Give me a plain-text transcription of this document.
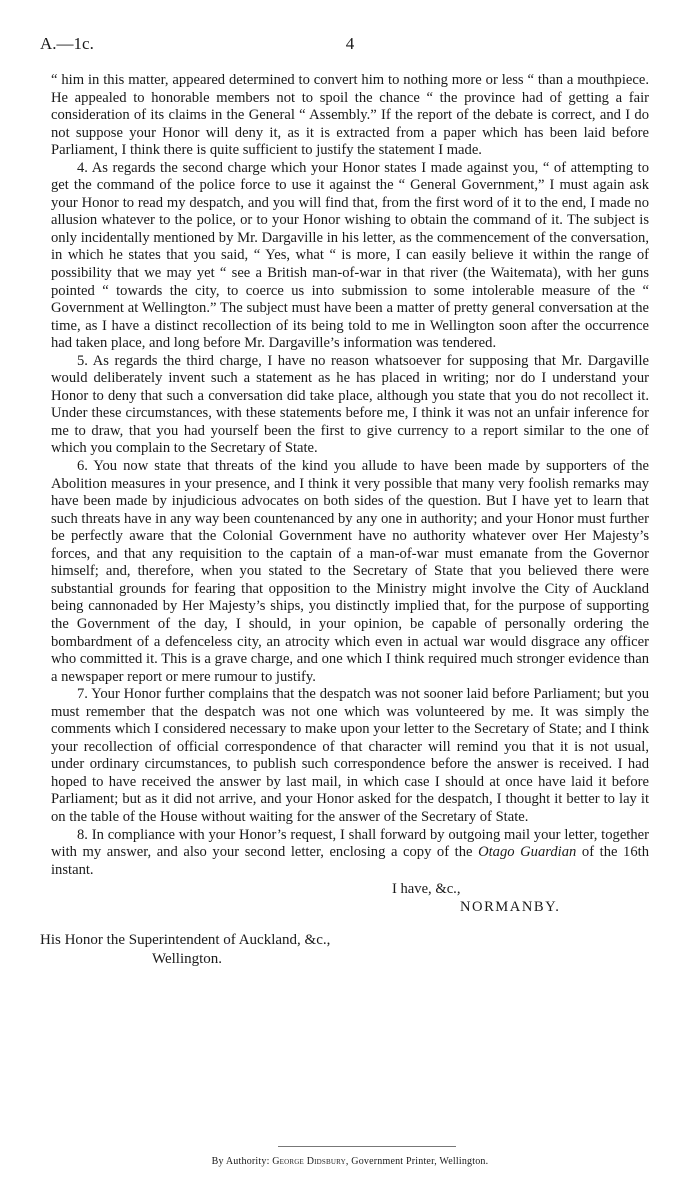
A.—1c.	4

“ him in this matter, appeared determined to convert him to nothing more or less “ than a mouthpiece. He appealed to honorable members not to spoil the chance “ the province had of getting a fair consideration of its claims in the General “ Assembly.” If the report of the debate is correct, and I do not suppose your Honor will deny it, as it is extracted from a paper which has been laid before Parliament, I think there is quite sufficient to justify the statement I made.

4. As regards the second charge which your Honor states I made against you, “ of attempting to get the command of the police force to use it against the “ General Government,” I must again ask your Honor to read my despatch, and you will find that, from the first word of it to the end, I made no allusion whatever to the police, or to your Honor wishing to obtain the command of it. The subject is only incidentally mentioned by Mr. Dargaville in his letter, as the commencement of the conversation, in which he states that you said, “ Yes, what “ is more, I can easily believe it within the range of possibility that we may yet “ see a British man-of-war in that river (the Waitemata), with her guns pointed “ towards the city, to coerce us into submission to some intolerable measure of the “ Government at Wellington.” The subject must have been a matter of pretty general conversation at the time, as I have a distinct recollection of its being told to me in Wellington soon after the occurrence had taken place, and long before Mr. Dargaville’s information was tendered.

5. As regards the third charge, I have no reason whatsoever for supposing that Mr. Dargaville would deliberately invent such a statement as he has placed in writing; nor do I understand your Honor to deny that such a conversation did take place, although you state that you do not recollect it. Under these circumstances, with these statements before me, I think it was not an unfair inference for me to draw, that you had yourself been the first to give currency to a report similar to the one of which you complain to the Secretary of State.

6. You now state that threats of the kind you allude to have been made by supporters of the Abolition measures in your presence, and I think it very possible that many very foolish remarks may have been made by injudicious advocates on both sides of the question. But I have yet to learn that such threats have in any way been countenanced by any one in authority; and your Honor must further be perfectly aware that the Colonial Government have no authority whatever over Her Majesty’s forces, and that any requisition to the captain of a man-of-war must emanate from the Governor himself; and, therefore, when you stated to the Secretary of State that you believed there were substantial grounds for fearing that opposition to the Ministry might involve the City of Auckland being cannonaded by Her Majesty’s ships, you distinctly implied that, for the purpose of supporting the Government of the day, I should, in your opinion, be capable of personally ordering the bombardment of a defenceless city, an atrocity which even in actual war would disgrace any officer who committed it. This is a grave charge, and one which I think required much stronger evidence than a newspaper report or mere rumour to justify.

7. Your Honor further complains that the despatch was not sooner laid before Parliament; but you must remember that the despatch was not one which was volunteered by me. It was simply the comments which I considered necessary to make upon your letter to the Secretary of State; and I think your recollection of official correspondence of that character will remind you that it is not usual, under ordinary circumstances, to publish such correspondence before the answer is received. I had hoped to have received the answer by last mail, in which case I should at once have laid it before Parliament; but as it did not arrive, and your Honor asked for the despatch, I thought it better to lay it on the table of the House without waiting for the answer of the Secretary of State.

8. In compliance with your Honor’s request, I shall forward by outgoing mail your letter, together with my answer, and also your second letter, enclosing a copy of the Otago Guardian of the 16th instant.

I have, &c.,
NORMANBY.
His Honor the Superintendent of Auckland, &c.,
Wellington.
By Authority: George Didsbury, Government Printer, Wellington.
